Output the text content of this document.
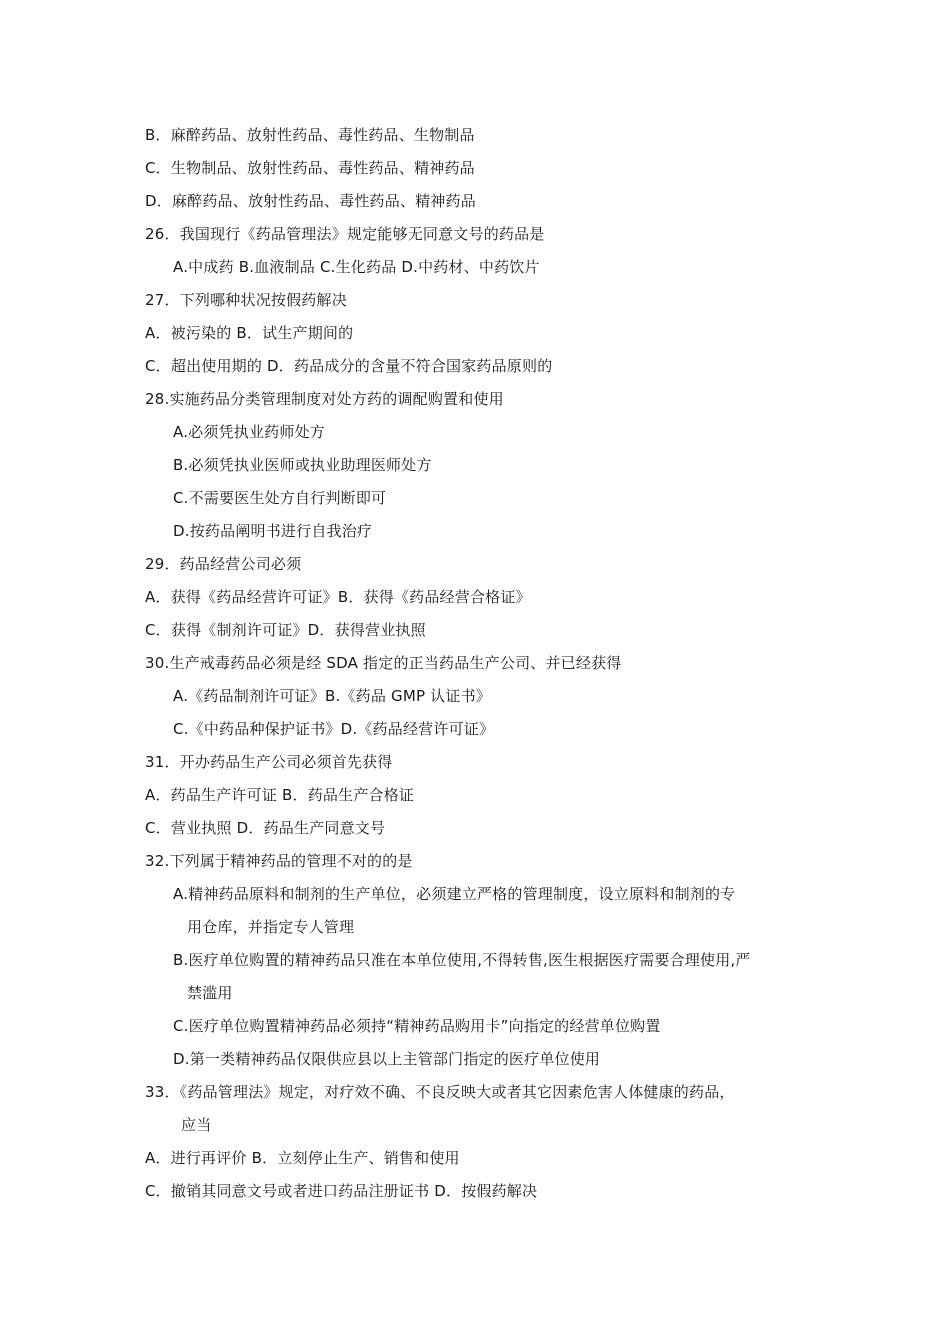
B．麻醉药品、放射性药品、毒性药品、生物制品
C．生物制品、放射性药品、毒性药品、精神药品
D．麻醉药品、放射性药品、毒性药品、精神药品
26．我国现行《药品管理法》规定能够无同意文号的药品是
A.中成药 B.血液制品 C.生化药品 D.中药材、中药饮片
27．下列哪种状况按假药解决
A．被污染的 B．试生产期间的
C．超出使用期的 D．药品成分的含量不符合国家药品原则的
28.实施药品分类管理制度对处方药的调配购置和使用
A.必须凭执业药师处方
B.必须凭执业医师或执业助理医师处方
C.不需要医生处方自行判断即可
D.按药品阐明书进行自我治疗
29．药品经营公司必须
A．获得《药品经营许可证》B．获得《药品经营合格证》
C．获得《制剂许可证》D．获得营业执照
30.生产戒毒药品必须是经 SDA 指定的正当药品生产公司、并已经获得
A.《药品制剂许可证》B.《药品 GMP 认证书》
C.《中药品种保护证书》D.《药品经营许可证》
31．开办药品生产公司必须首先获得
A．药品生产许可证 B．药品生产合格证
C．营业执照 D．药品生产同意文号
32.下列属于精神药品的管理不对的的是
A.精神药品原料和制剂的生产单位，必须建立严格的管理制度，设立原料和制剂的专
用仓库，并指定专人管理
B.医疗单位购置的精神药品只准在本单位使用,不得转售,医生根据医疗需要合理使用,严
禁滥用
C.医疗单位购置精神药品必须持“精神药品购用卡”向指定的经营单位购置
D.第一类精神药品仅限供应县以上主管部门指定的医疗单位使用
33．《药品管理法》规定，对疗效不确、不良反映大或者其它因素危害人体健康的药品，
应当
A．进行再评价 B．立刻停止生产、销售和使用
C．撤销其同意文号或者进口药品注册证书 D．按假药解决
